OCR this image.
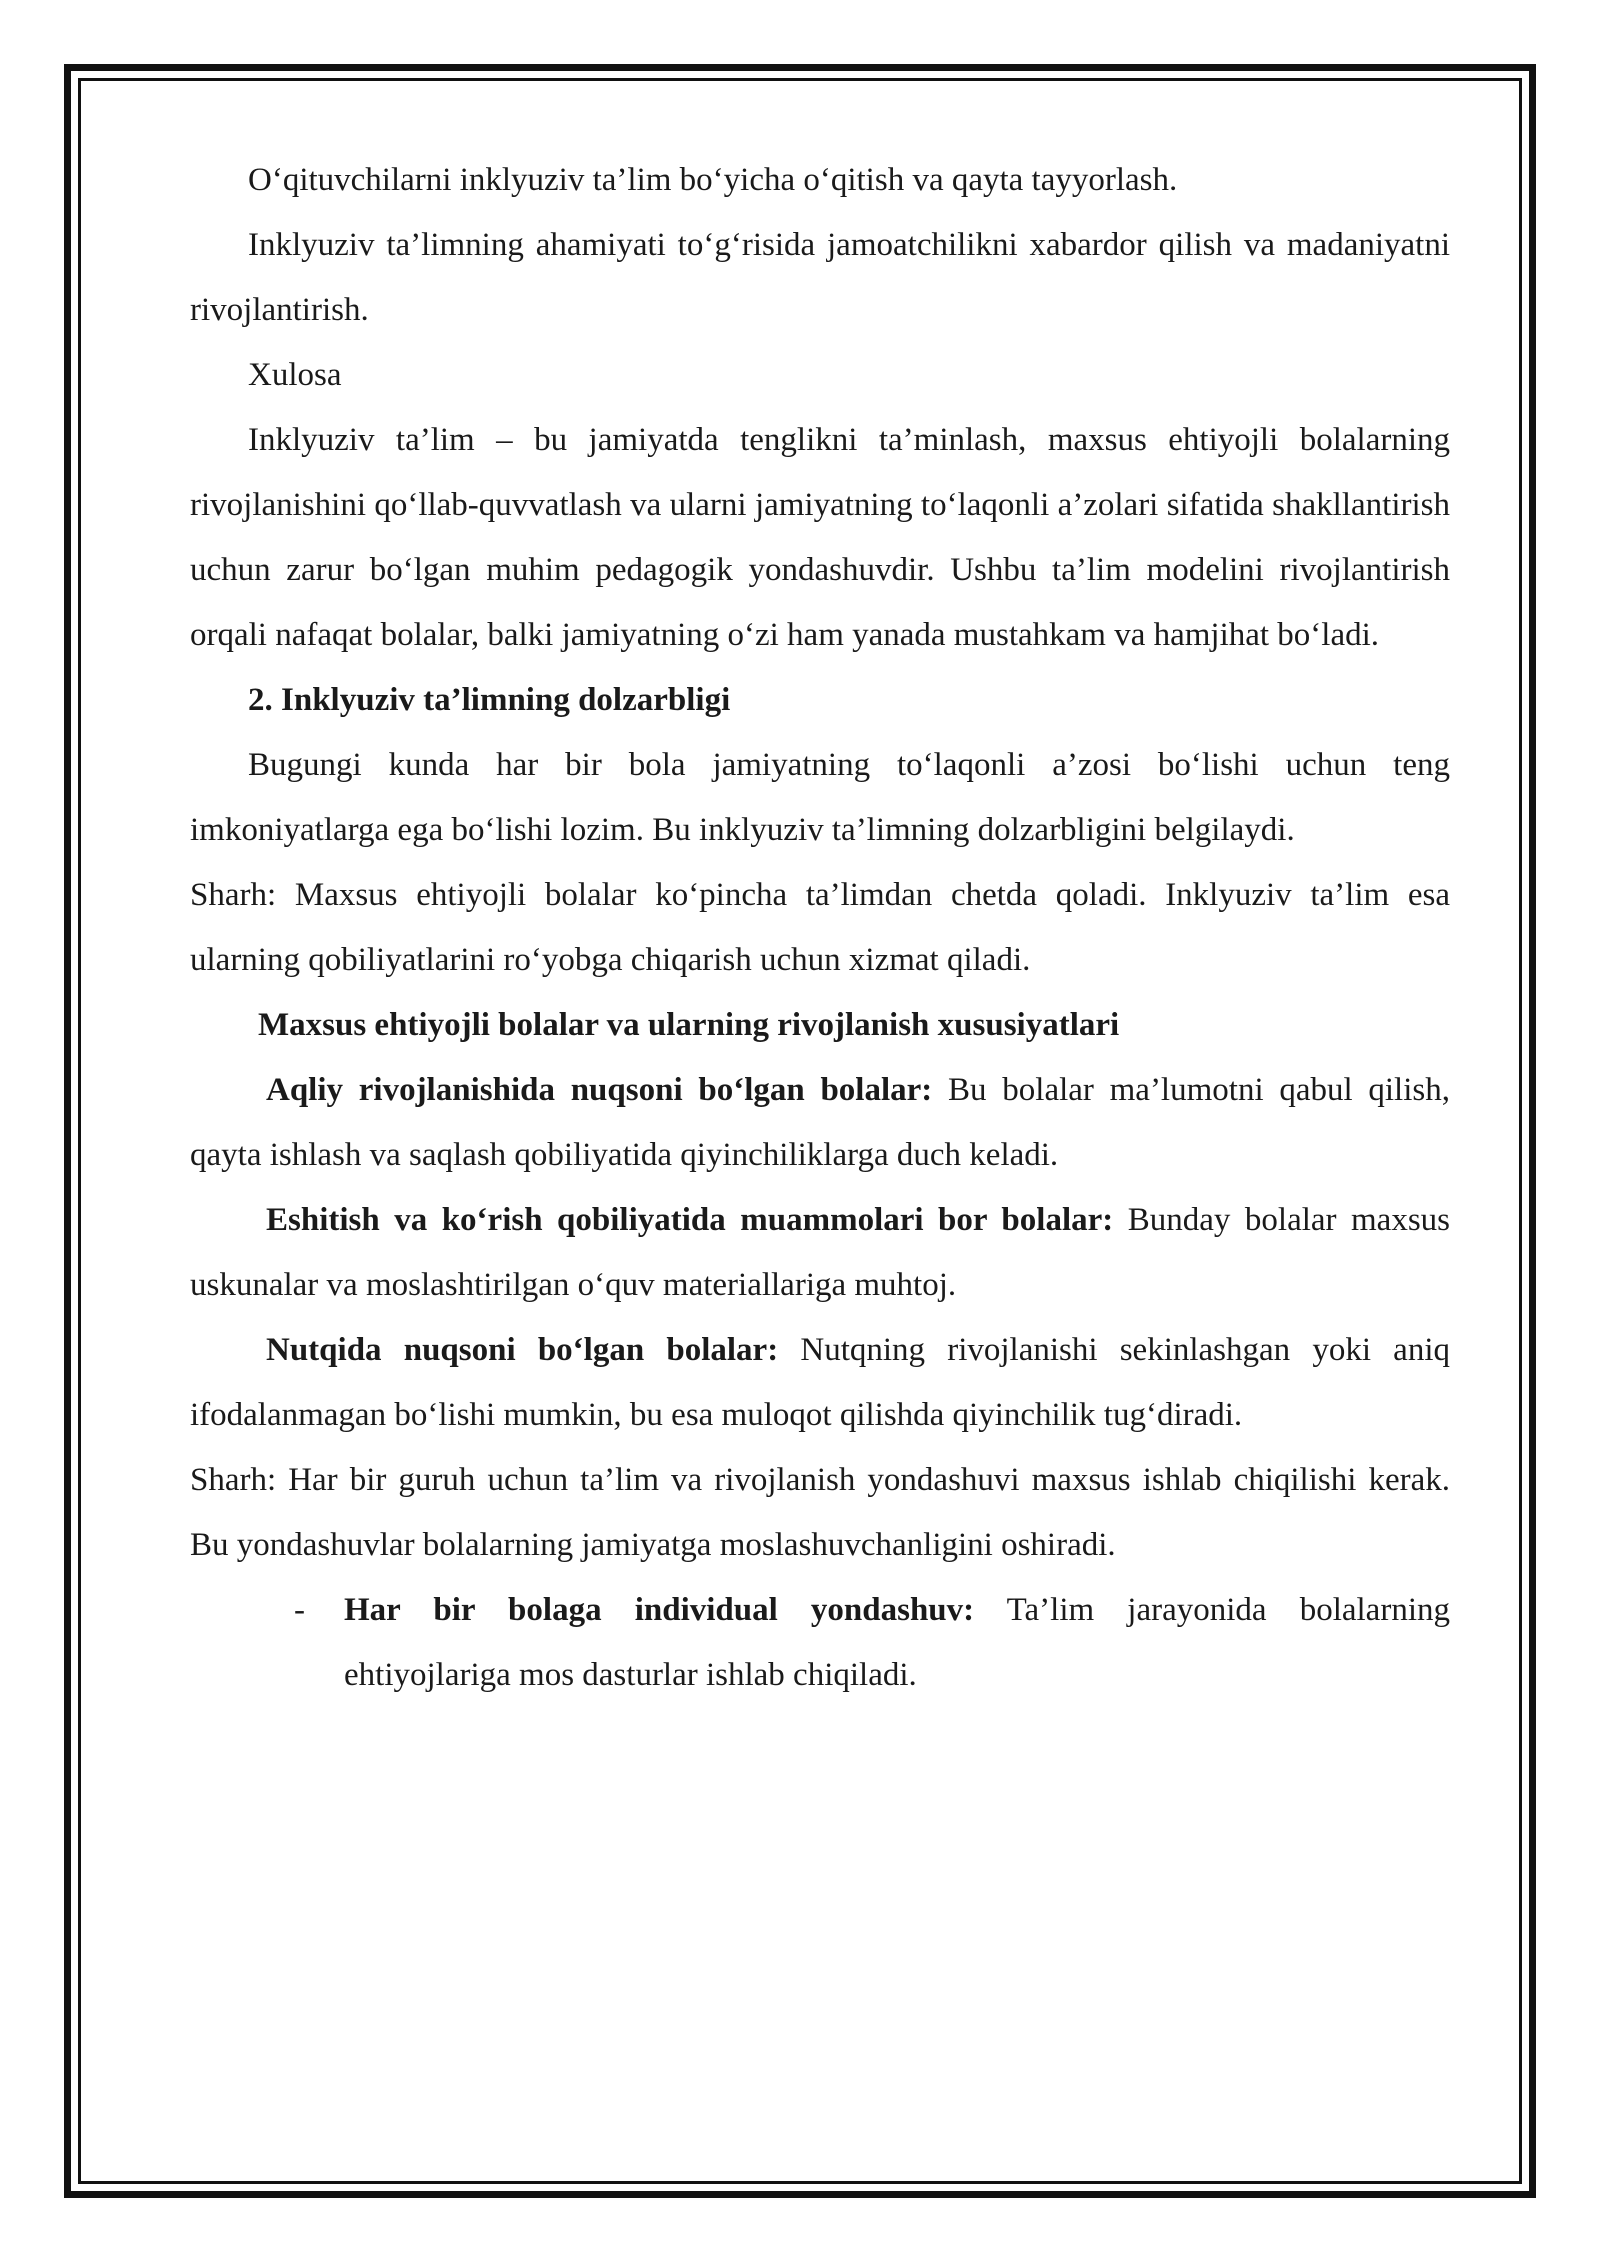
O‘qituvchilarni inklyuziv ta’lim bo‘yicha o‘qitish va qayta tayyorlash.

Inklyuziv ta’limning ahamiyati to‘g‘risida jamoatchilikni xabardor qilish va madaniyatni rivojlantirish.

Xulosa

Inklyuziv ta’lim – bu jamiyatda tenglikni ta’minlash, maxsus ehtiyojli bolalarning rivojlanishini qo‘llab-quvvatlash va ularni jamiyatning to‘laqonli a’zolari sifatida shakllantirish uchun zarur bo‘lgan muhim pedagogik yondashuvdir. Ushbu ta’lim modelini rivojlantirish orqali nafaqat bolalar, balki jamiyatning o‘zi ham yanada mustahkam va hamjihat bo‘ladi.

2. Inklyuziv ta’limning dolzarbligi

Bugungi kunda har bir bola jamiyatning to‘laqonli a’zosi bo‘lishi uchun teng imkoniyatlarga ega bo‘lishi lozim. Bu inklyuziv ta’limning dolzarbligini belgilaydi.

Sharh: Maxsus ehtiyojli bolalar ko‘pincha ta’limdan chetda qoladi. Inklyuziv ta’lim esa ularning qobiliyatlarini ro‘yobga chiqarish uchun xizmat qiladi.

Maxsus ehtiyojli bolalar va ularning rivojlanish xususiyatlari

Aqliy rivojlanishida nuqsoni bo‘lgan bolalar: Bu bolalar ma’lumotni qabul qilish, qayta ishlash va saqlash qobiliyatida qiyinchiliklarga duch keladi.

Eshitish va ko‘rish qobiliyatida muammolari bor bolalar: Bunday bolalar maxsus uskunalar va moslashtirilgan o‘quv materiallariga muhtoj.

Nutqida nuqsoni bo‘lgan bolalar: Nutqning rivojlanishi sekinlashgan yoki aniq ifodalanmagan bo‘lishi mumkin, bu esa muloqot qilishda qiyinchilik tug‘diradi.

Sharh: Har bir guruh uchun ta’lim va rivojlanish yondashuvi maxsus ishlab chiqilishi kerak. Bu yondashuvlar bolalarning jamiyatga moslashuvchanligini oshiradi.

- Har bir bolaga individual yondashuv: Ta’lim jarayonida bolalarning ehtiyojlariga mos dasturlar ishlab chiqiladi.
